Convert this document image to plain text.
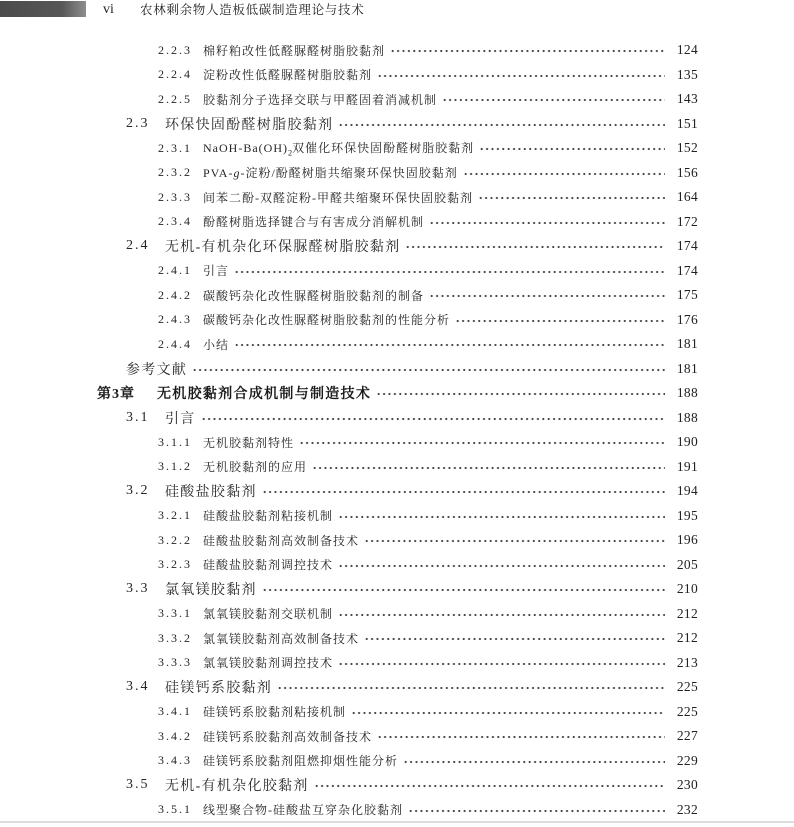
vi 农林剩余物人造板低碳制造理论与技术
2.2.3 棉籽粕改性低醛脲醛树脂胶黏剂	124
2.2.4 淀粉改性低醛脲醛树脂胶黏剂	135
2.2.5 胶黏剂分子选择交联与甲醛固着消减机制	143
2.3	环保快固酚醛树脂胶黏剂	151
2.3.1 NaOH-$Ba(OH)_2$双催化环保快固酚醛树脂胶黏剂	152
2.3.2 PVA-g-淀粉/酚醛树脂共缩聚环保快固胶黏剂	156
2.3.3 间苯二酚-双醛淀粉-甲醛共缩聚环保快固胶黏剂	164
2.3.4 酚醛树脂选择键合与有害成分消解机制	172
2.4	无机-有机杂化环保脲醛树脂胶黏剂	174
2.4.1 引言	174
2.4.2 碳酸钙杂化改性脲醛树脂胶黏剂的制备	175
2.4.3 碳酸钙杂化改性脲醛树脂胶黏剂的性能分析	176
2.4.4 小结	181
参考文献	181
第3章	无机胶黏剂合成机制与制造技术	188
3.1	引言	188
3.1.1 无机胶黏剂特性	190
3.1.2 无机胶黏剂的应用	191
3.2	硅酸盐胶黏剂	194
3.2.1 硅酸盐胶黏剂粘接机制	195
3.2.2 硅酸盐胶黏剂高效制备技术	196
3.2.3 硅酸盐胶黏剂调控技术	205
3.3	氯氧镁胶黏剂	210
3.3.1 氯氧镁胶黏剂交联机制	212
3.3.2 氯氧镁胶黏剂高效制备技术	212
3.3.3 氯氧镁胶黏剂调控技术	213
3.4	硅镁钙系胶黏剂	225
3.4.1 硅镁钙系胶黏剂粘接机制	225
3.4.2 硅镁钙系胶黏剂高效制备技术	227
3.4.3 硅镁钙系胶黏剂阻燃抑烟性能分析	229
3.5	无机-有机杂化胶黏剂	230
3.5.1 线型聚合物-硅酸盐互穿杂化胶黏剂	232
